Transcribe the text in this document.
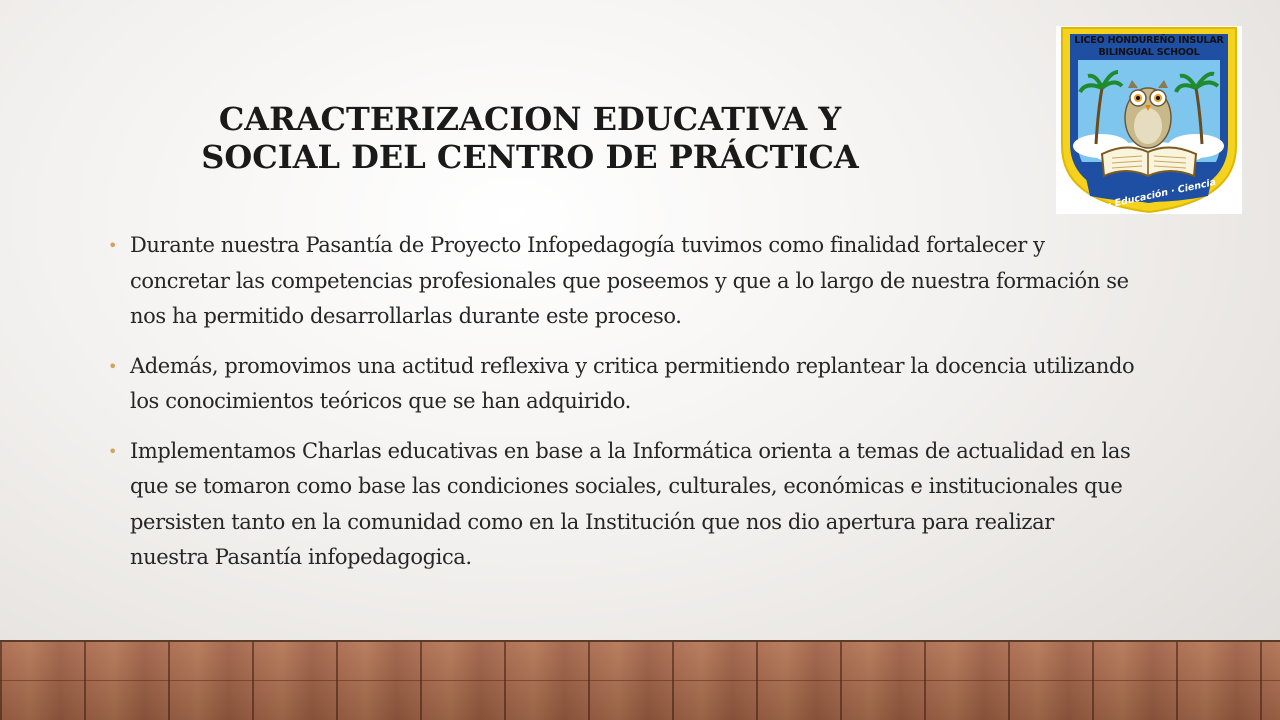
CARACTERIZACION EDUCATIVA Y
SOCIAL DEL CENTRO DE PRÁCTICA
• Durante nuestra Pasantía de Proyecto Infopedagogía tuvimos como finalidad fortalecer y concretar las competencias profesionales que poseemos y que a lo largo de nuestra formación se nos ha permitido desarrollarlas durante este proceso.
• Además, promovimos una actitud reflexiva y critica permitiendo replantear la docencia utilizando los conocimientos teóricos que se han adquirido.
• Implementamos Charlas educativas en base a la Informática orienta a temas de actualidad en las que se tomaron como base las condiciones sociales, culturales, económicas e institucionales que persisten tanto en la comunidad como en la Institución que nos dio apertura para realizar nuestra Pasantía infopedagogica.
LICEO HONDUREÑO INSULAR
BILINGUAL SCHOOL
Dios · Educación · Ciencia
